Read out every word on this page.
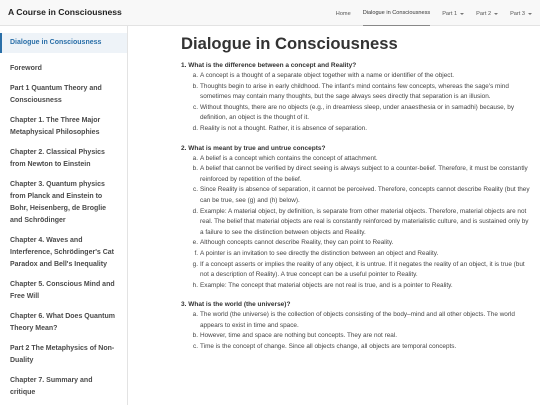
A Course in Consciousness	Home Dialogue in Consciousness Part 1	Part 2	Part 3
Dialogue in Consciousness
Foreword
Part 1 Quantum Theory and Consciousness
Chapter 1. The Three Major Metaphysical Philosophies
Chapter 2. Classical Physics from Newton to Einstein
Chapter 3. Quantum physics from Planck and Einstein to Bohr, Heisenberg, de Broglie and Schrödinger
Chapter 4. Waves and Interference, Schrödinger's Cat Paradox and Bell's Inequality
Chapter 5. Conscious Mind and Free Will
Chapter 6. What Does Quantum Theory Mean?
Part 2 The Metaphysics of Non-Duality
Chapter 7. Summary and critique
Dialogue in Consciousness
1. What is the difference between a concept and Reality?
a . A concept is a thought of a separate object together with a name or identifier of the object.
b . Thoughts begin to arise in early childhood. The infant's mind contains few concepts, whereas the sage's mind sometimes may contain many thoughts, but the sage always sees directly that separation is an illusion.
c . Without thoughts, there are no objects (e.g., in dreamless sleep, under anaesthesia or in samadhi) because, by definition, an object is the thought of it.
d . Reality is not a thought. Rather, it is absence of separation.
2. What is meant by true and untrue concepts?
a . A belief is a concept which contains the concept of attachment.
b . A belief that cannot be verified by direct seeing is always subject to a counter-belief. Therefore, it must be constantly reinforced by repetition of the belief.
c . Since Reality is absence of separation, it cannot be perceived. Therefore, concepts cannot describe Reality (but they can be true, see (g) and (h) below).
d . Example: A material object, by definition, is separate from other material objects. Therefore, material objects are not real. The belief that material objects are real is constantly reinforced by materialistic culture, and is sustained only by a failure to see the distinction between objects and Reality.
e . Although concepts cannot describe Reality, they can point to Reality.
f . A pointer is an invitation to see directly the distinction between an object and Reality.
g . If a concept asserts or implies the reality of any object, it is untrue. If it negates the reality of an object, it is true (but not a description of Reality). A true concept can be a useful pointer to Reality.
h . Example: The concept that material objects are not real is true, and is a pointer to Reality.
3. What is the world (the universe)?
a . The world (the universe) is the collection of objects consisting of the body–mind and all other objects. The world appears to exist in time and space.
b . However, time and space are nothing but concepts. They are not real.
c . Time is the concept of change. Since all objects change, all objects are temporal concepts.
